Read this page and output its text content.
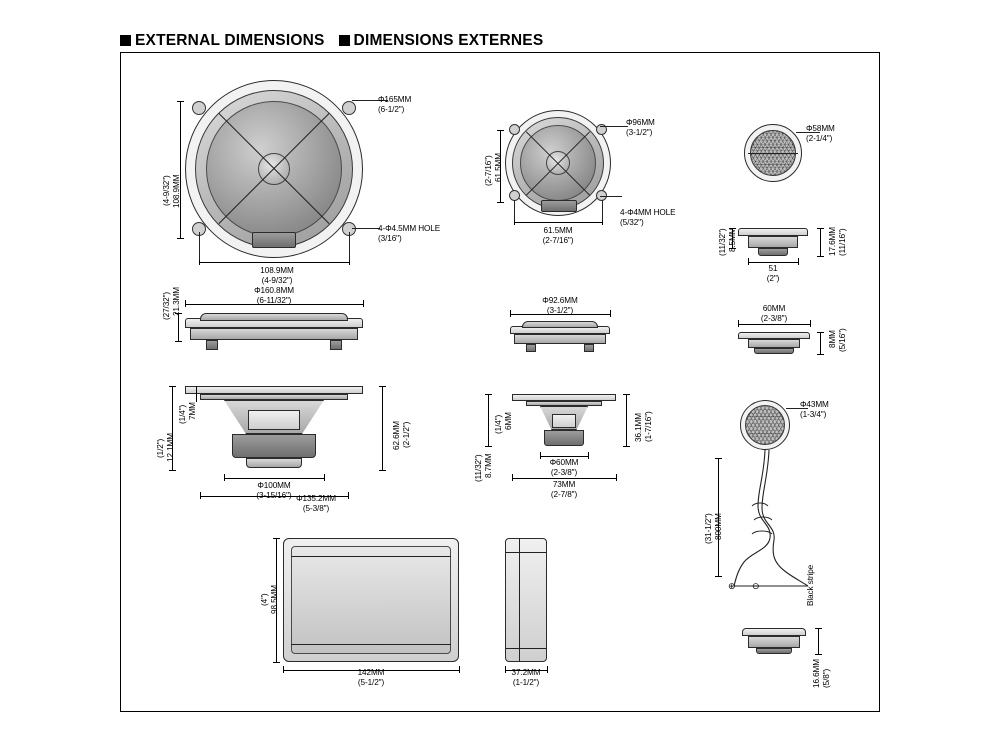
EXTERNAL DIMENSIONS DIMENSIONS EXTERNES
Φ165MM
(6-1/2")
108.9MM
(4-9/32")
108.9MM
(4-9/32")
4-Φ4.5MM HOLE
(3/16")
21.3MM
(27/32")
Φ160.8MM
(6-11/32")
62.6MM (2-1/2")
7MM
(1/4")
12.1MM
(1/2")
Φ100MM
(3-15/16") Φ135.2MM
(5-3/8")
Φ96MM
(3-1/2")
61.5MM
(2-7/16")
61.5MM
(2-7/16")
4-Φ4MM HOLE
(5/32")
Φ92.6MM
(3-1/2")
36.1MM (1-7/16")
6MM
(1/4")
8.7MM
(11/32")	Φ60MM
(2-3/8")
73MM
(2-7/8")
Φ58MM
(2-1/4")
8.5MM
(11/32")
51
(2")
17.6MM (11/16")
60MM
(2-3/8")
8MM (5/16")
Φ43MM
(1-3/4")
800MM
(31-1/2")
⊕ ⊖	Black stripe
16.6MM (5/8")
98.5MM
(4")
142MM
(5-1/2")
37.2MM
(1-1/2")
